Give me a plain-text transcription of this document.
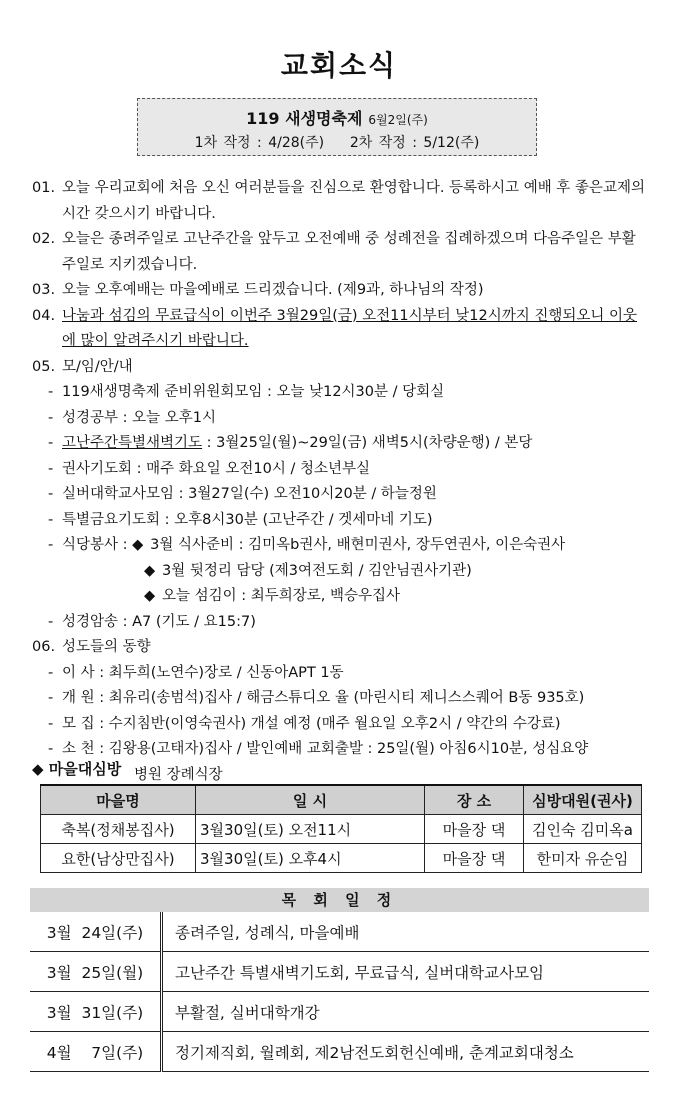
교회소식
119 새생명축제 6월2일(주)
1차 작정 : 4/28(주)    2차 작정 : 5/12(주)
01. 오늘 우리교회에 처음 오신 여러분들을 진심으로 환영합니다. 등록하시고 예배 후 좋은교제의 시간 갖으시기 바랍니다.
02. 오늘은 종려주일로 고난주간을 앞두고 오전예배 중 성례전을 집례하겠으며 다음주일은 부활주일로 지키겠습니다.
03. 오늘 오후예배는 마을예배로 드리겠습니다. (제9과, 하나님의 작정)
04. 나눔과 섬김의 무료급식이 이번주 3월29일(금) 오전11시부터 낮12시까지 진행되오니 이웃에 많이 알려주시기 바랍니다.
05. 모/임/안/내
- 119새생명축제 준비위원회모임 : 오늘 낮12시30분 / 당회실
- 성경공부 : 오늘 오후1시
- 고난주간특별새벽기도 : 3월25일(월)~29일(금) 새벽5시(차량운행) / 본당
- 권사기도회 : 매주 화요일 오전10시 / 청소년부실
- 실버대학교사모임 : 3월27일(수) 오전10시20분 / 하늘정원
- 특별금요기도회 : 오후8시30분 (고난주간 / 겟세마네 기도)
- 식당봉사 : ◆ 3월 식사준비 : 김미옥b권사, 배현미권사, 장두연권사, 이은숙권사
◆ 3월 뒷정리 담당 (제3여전도회 / 김안님권사기관)
◆ 오늘 섬김이 : 최두희장로, 백승우집사
- 성경암송 : A7 (기도 / 요15:7)
06. 성도들의 동향
- 이 사 : 최두희(노연수)장로 / 신동아APT 1동
- 개 원 : 최유리(송범석)집사 / 해금스튜디오 율 (마린시티 제니스스퀘어 B동 935호)
- 모 집 : 수지침반(이영숙권사) 개설 예정 (매주 월요일 오후2시 / 약간의 수강료)
- 소 천 : 김왕용(고태자)집사 / 발인예배 교회출발 : 25일(월) 아침6시10분, 성심요양
병원 장례식장
◆ 마을대심방
마을명	일 시	장 소	심방대원(권사)
축복(정채봉집사)	3월30일(토) 오전11시	마을장 댁	김인숙 김미옥a
요한(남상만집사)	3월30일(토) 오후4시	마을장 댁	한미자 유순임
목 회 일 정
3월  24일(주)	종려주일, 성례식, 마을예배
3월  25일(월)	고난주간 특별새벽기도회, 무료급식, 실버대학교사모임
3월  31일(주)	부활절, 실버대학개강
4월    7일(주)	정기제직회, 월례회, 제2남전도회헌신예배, 춘계교회대청소
